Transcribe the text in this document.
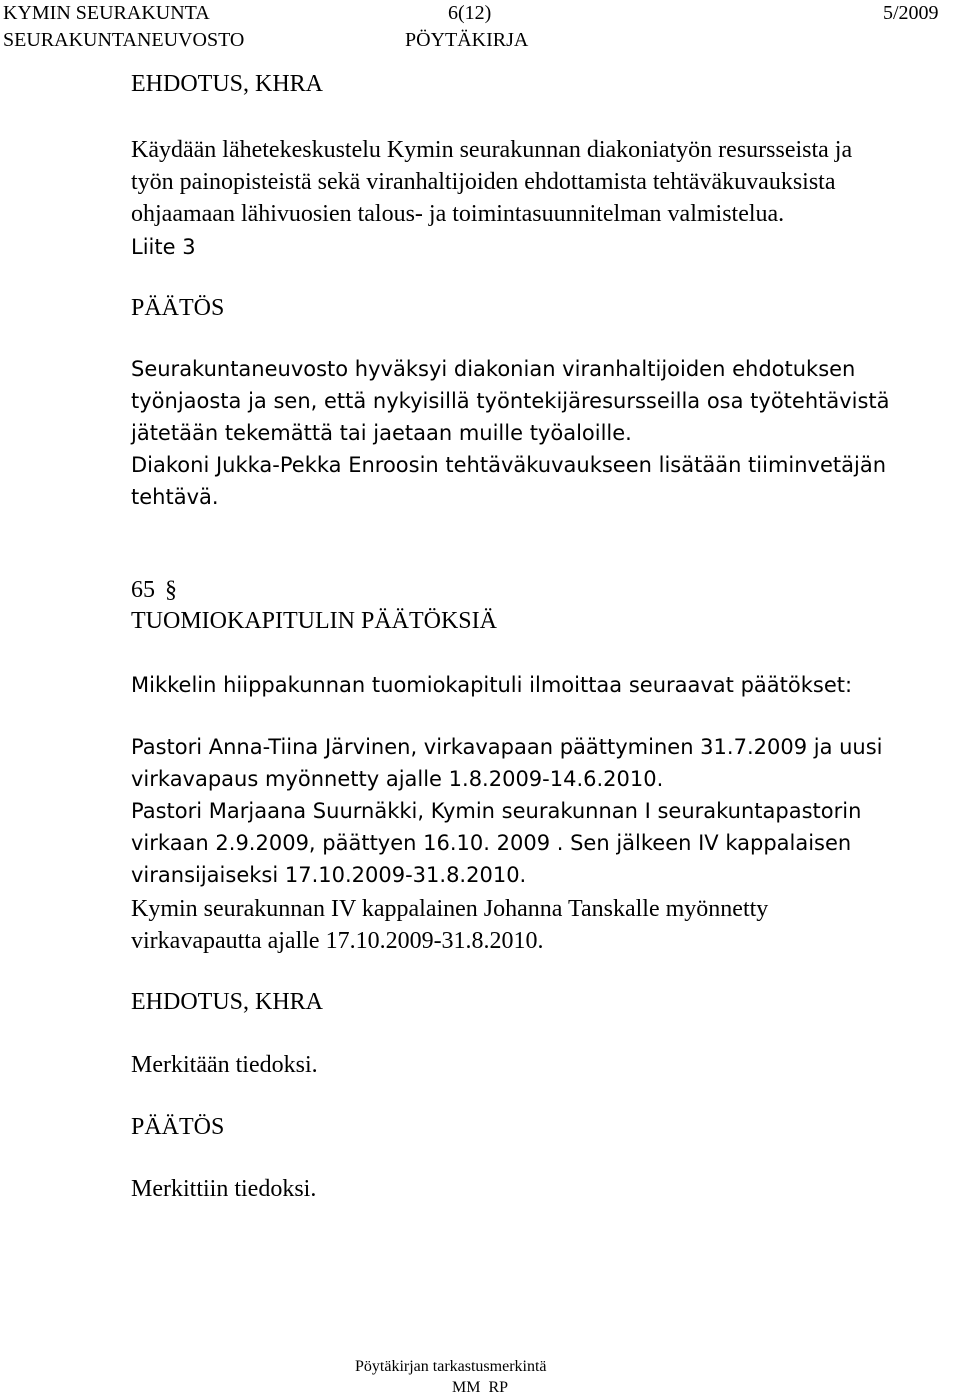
KYMIN SEURAKUNTA	6(12)	5/2009
SEURAKUNTANEUVOSTO	PÖYTÄKIRJA
EHDOTUS, KHRA
Käydään lähetekeskustelu Kymin seurakunnan diakoniatyön resursseista ja
työn painopisteistä sekä viranhaltijoiden ehdottamista tehtäväkuvauksista
ohjaamaan lähivuosien talous- ja toimintasuunnitelman valmistelua.
Liite 3
PÄÄTÖS
Seurakuntaneuvosto hyväksyi diakonian viranhaltijoiden ehdotuksen
työnjaosta ja sen, että nykyisillä työntekijäresursseilla osa työtehtävistä
jätetään tekemättä tai jaetaan muille työaloille.
Diakoni Jukka-Pekka Enroosin tehtäväkuvaukseen lisätään tiiminvetäjän
tehtävä.
65 §
TUOMIOKAPITULIN PÄÄTÖKSIÄ
Mikkelin hiippakunnan tuomiokapituli ilmoittaa seuraavat päätökset:
Pastori Anna-Tiina Järvinen, virkavapaan päättyminen 31.7.2009 ja uusi
virkavapaus myönnetty ajalle 1.8.2009-14.6.2010.
Pastori Marjaana Suurnäkki, Kymin seurakunnan I seurakuntapastorin
virkaan 2.9.2009, päättyen 16.10. 2009 . Sen jälkeen IV kappalaisen
viransijaiseksi 17.10.2009-31.8.2010.
Kymin seurakunnan IV kappalainen Johanna Tanskalle myönnetty
virkavapautta ajalle 17.10.2009-31.8.2010.
EHDOTUS, KHRA
Merkitään tiedoksi.
PÄÄTÖS
Merkittiin tiedoksi.
Pöytäkirjan tarkastusmerkintä
MM  RP
